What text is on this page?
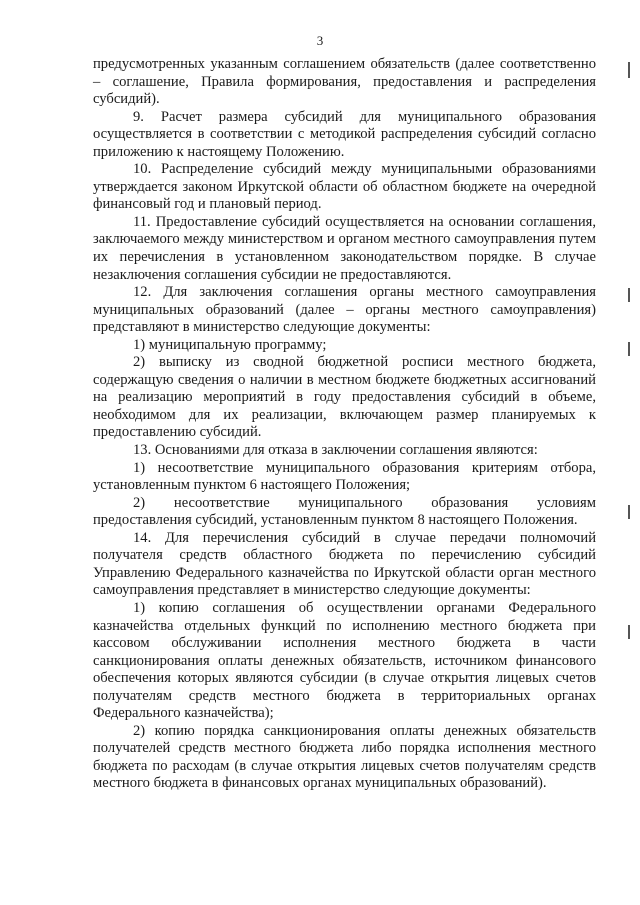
3

предусмотренных указанным соглашением обязательств (далее соответственно – соглашение, Правила формирования, предоставления и распределения субсидий).

9. Расчет размера субсидий для муниципального образования осуществляется в соответствии с методикой распределения субсидий согласно приложению к настоящему Положению.

10. Распределение субсидий между муниципальными образованиями утверждается законом Иркутской области об областном бюджете на очередной финансовый год и плановый период.

11. Предоставление субсидий осуществляется на основании соглашения, заключаемого между министерством и органом местного самоуправления путем их перечисления в установленном законодательством порядке. В случае незаключения соглашения субсидии не предоставляются.

12. Для заключения соглашения органы местного самоуправления муниципальных образований (далее – органы местного самоуправления) представляют в министерство следующие документы:

1) муниципальную программу;

2) выписку из сводной бюджетной росписи местного бюджета, содержащую сведения о наличии в местном бюджете бюджетных ассигнований на реализацию мероприятий в году предоставления субсидий в объеме, необходимом для их реализации, включающем размер планируемых к предоставлению субсидий.

13. Основаниями для отказа в заключении соглашения являются:

1) несоответствие муниципального образования критериям отбора, установленным пунктом 6 настоящего Положения;

2) несоответствие муниципального образования условиям предоставления субсидий, установленным пунктом 8 настоящего Положения.

14. Для перечисления субсидий в случае передачи полномочий получателя средств областного бюджета по перечислению субсидий Управлению Федерального казначейства по Иркутской области орган местного самоуправления представляет в министерство следующие документы:

1) копию соглашения об осуществлении органами Федерального казначейства отдельных функций по исполнению местного бюджета при кассовом обслуживании исполнения местного бюджета в части санкционирования оплаты денежных обязательств, источником финансового обеспечения которых являются субсидии (в случае открытия лицевых счетов получателям средств местного бюджета в территориальных органах Федерального казначейства);

2) копию порядка санкционирования оплаты денежных обязательств получателей средств местного бюджета либо порядка исполнения местного бюджета по расходам (в случае открытия лицевых счетов получателям средств местного бюджета в финансовых органах муниципальных образований).
